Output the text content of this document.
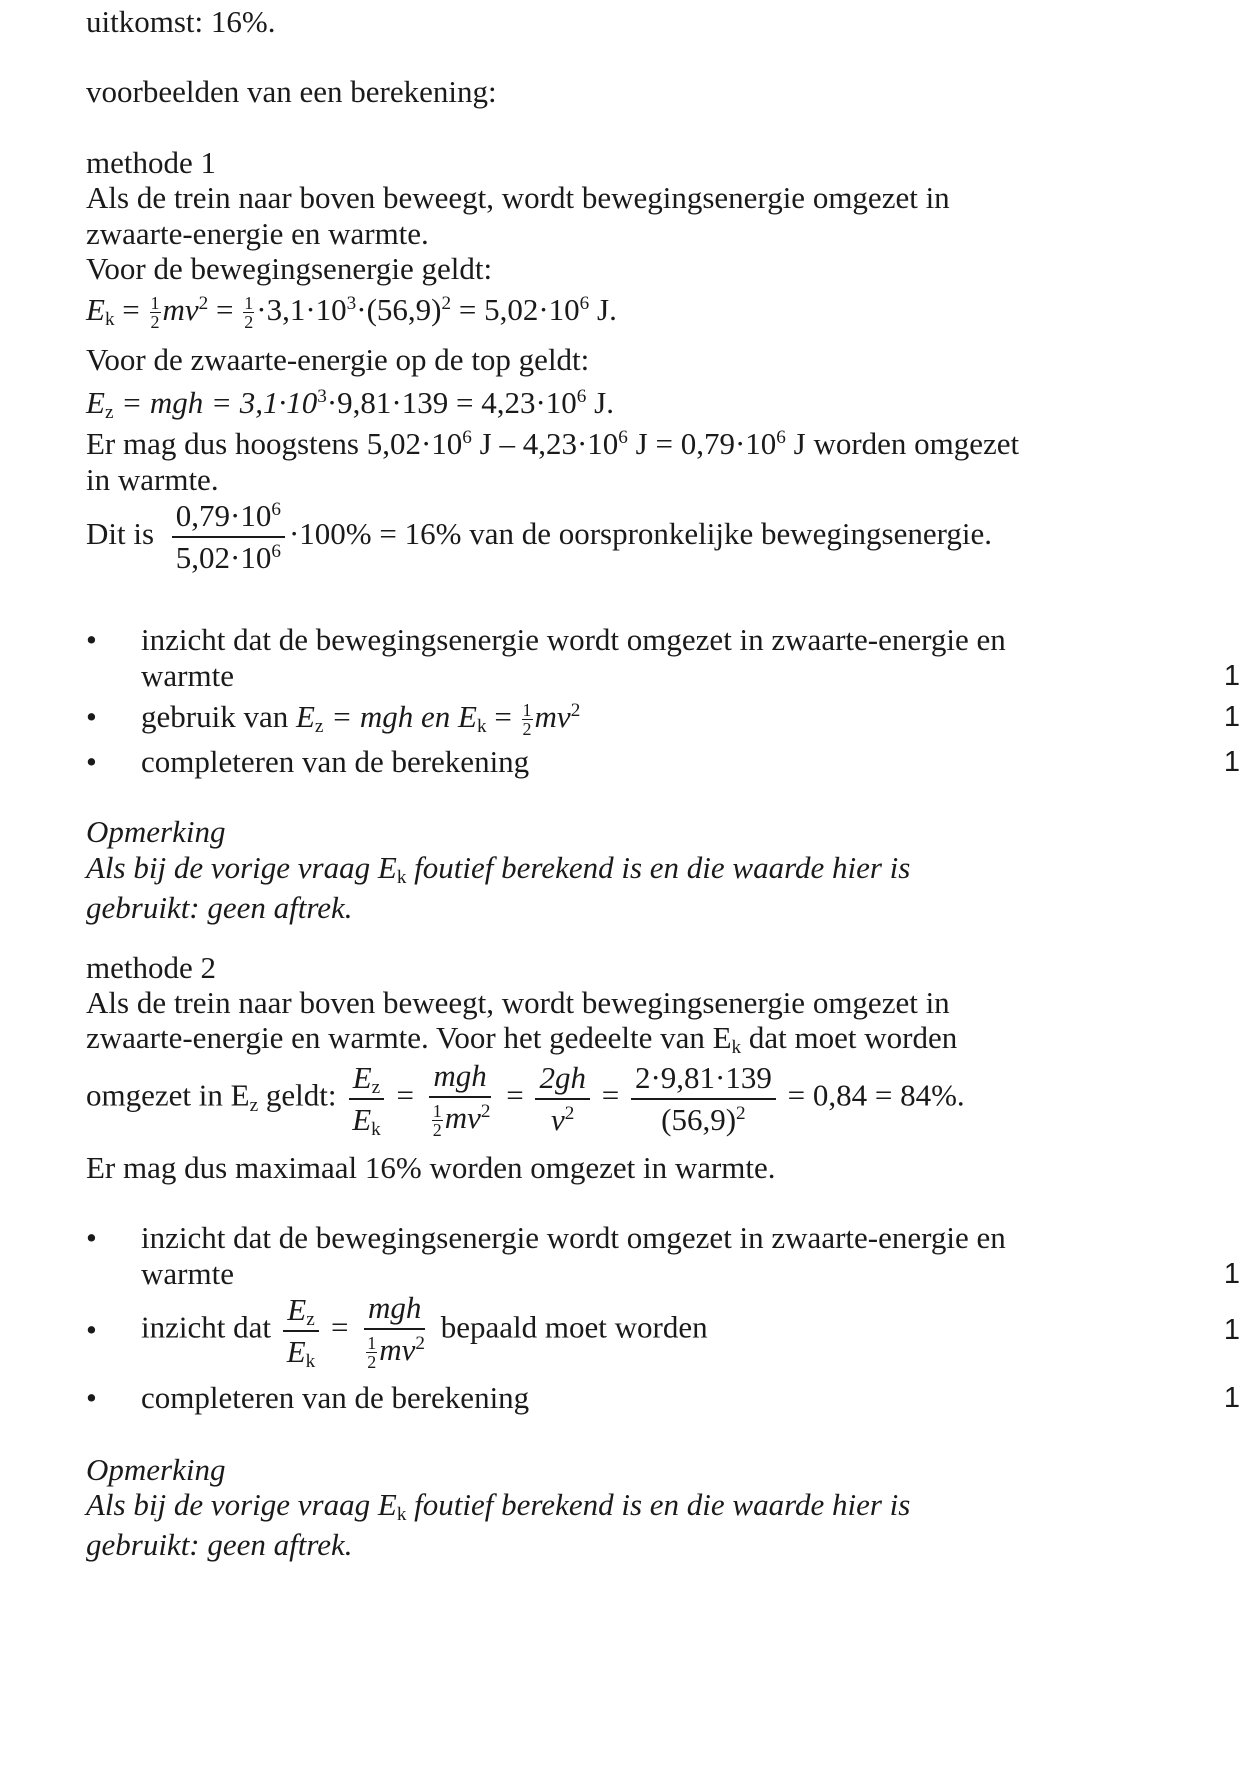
uitkomst: 16%.
voorbeelden van een berekening:
methode 1
Als de trein naar boven beweegt, wordt bewegingsenergie omgezet in
zwaarte-energie en warmte.
Voor de bewegingsenergie geldt:
$E_k = \frac{1}{2} mv^2 = \frac{1}{2} \cdot 3,1\cdot 10^3\cdot(56,9)^2 = 5,02\cdot 10^6$ J.
Voor de zwaarte-energie op de top geldt:
$E_z$ = mgh = $3,1\cdot 10^3\cdot 9,81\cdot 139 = 4,23\cdot 10^6$ J.
Er mag dus hoogstens $5,02\cdot 10^6$ $J - 4,23\cdot 10^6$ $J = 0,79\cdot 10^6$ J worden omgezet
in warmte.
Dit is $\frac{0,79\cdot 10^6}{5,02\cdot 10^6} \cdot 100\% = 16\%$ van de oorspronkelijke bewegingsenergie.
• inzicht dat de bewegingsenergie wordt omgezet in zwaarte-energie en
warmte	1
• gebruik van $E_z$ = mgh en $E_k = \frac{1}{2} mv^2$	1
• completeren van de berekening	1
Opmerking
Als bij de vorige vraag $E_k$ foutief berekend is en die waarde hier is
gebruikt: geen aftrek.
methode 2
Als de trein naar boven beweegt, wordt bewegingsenergie omgezet in
zwaarte-energie en warmte. Voor het gedeelte van $E_k$ dat moet worden
omgezet in $E_z$ geldt: $\frac{E_z}{E_k} = \frac{\text{mgh}}{\frac{1}{2} mv^2} = \frac{2gh}{v^2} = \frac{2\cdot 9,81\cdot 139}{(56,9)^2} = 0,84 = 84\%$.
Er mag dus maximaal 16% worden omgezet in warmte.
• inzicht dat de bewegingsenergie wordt omgezet in zwaarte-energie en
warmte	1
• inzicht dat $\frac{E_z}{E_k} = \frac{\text{mgh}}{\frac{1}{2} mv^2}$ bepaald moet worden	1
• completeren van de berekening	1
Opmerking
Als bij de vorige vraag $E_k$ foutief berekend is en die waarde hier is
gebruikt: geen aftrek.
